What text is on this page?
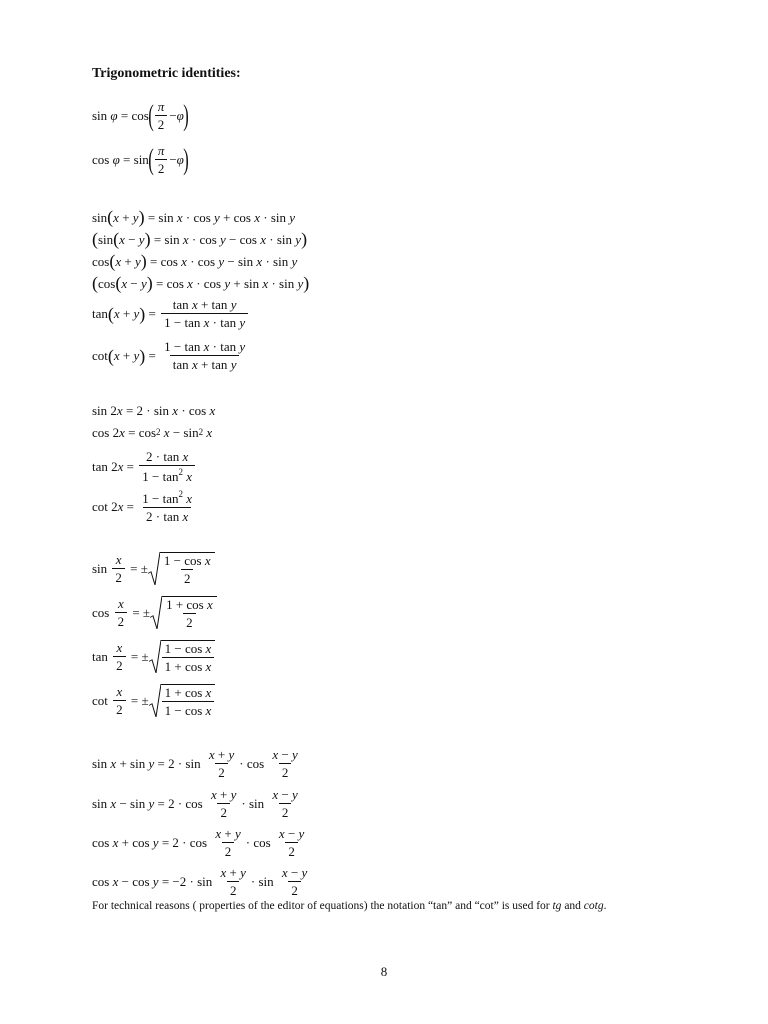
Trigonometric identities:
sin φ = cos ( $\frac{\pi}{2} - \varphi$ )
cos φ = sin ( $\frac{\pi}{2} - \varphi$ )
sin ( x + y ) = sin x · cos y + cos x · sin y
( sin ( x − y ) = sin x · cos y − cos x · sin y )
cos ( x + y ) = cos x · cos y − sin x · sin y
( cos ( x − y ) = cos x · cos y + sin x · sin y )
tan ( x + y ) = $\frac{\text{tan x + tan y}}{\text{1 − tan x · tan y}}$
cot ( x + y ) = $\frac{\text{1 − tan x · tan y}}{\text{tan x + tan y}}$
sin 2 x = 2 · sin x · cos x
cos 2 x = cos 2
x − sin 2
x
tan 2 $x = \frac{\text{2 · tan x}}{1 - \tan^2 x}$
cot 2 $x = \frac{1 - \tan^2 x}{\text{2 · tan x}}$
$\sin \frac{x}{2}$ = ± $\frac{\text{1 − cos x}}{2}$
$\cos \frac{x}{2}$ = ± $\frac{\text{1 + cos x}}{2}$
$\tan \frac{x}{2}$ = ± $\frac{\text{1 − cos x}}{\text{1 + cos x}}$
$\cot \frac{x}{2}$ = ± $\frac{\text{1 + cos x}}{\text{1 − cos x}}$
$\sin x + \sin y = 2 \cdot \sin \frac{x + y}{2} \cdot \cos \frac{x - y}{2}$
$\sin x - \sin y = 2 \cdot \cos \frac{x + y}{2} \cdot \sin \frac{x - y}{2}$
$\cos x + \cos y = 2 \cdot \cos \frac{x + y}{2} \cdot \cos \frac{x - y}{2}$
$\cos x - \cos y = -2 \cdot \sin \frac{x + y}{2} \cdot \sin \frac{x - y}{2}$
For technical reasons ( properties of the editor of equations) the notation “tan” and “cot” is used for tg and cotg.
8
